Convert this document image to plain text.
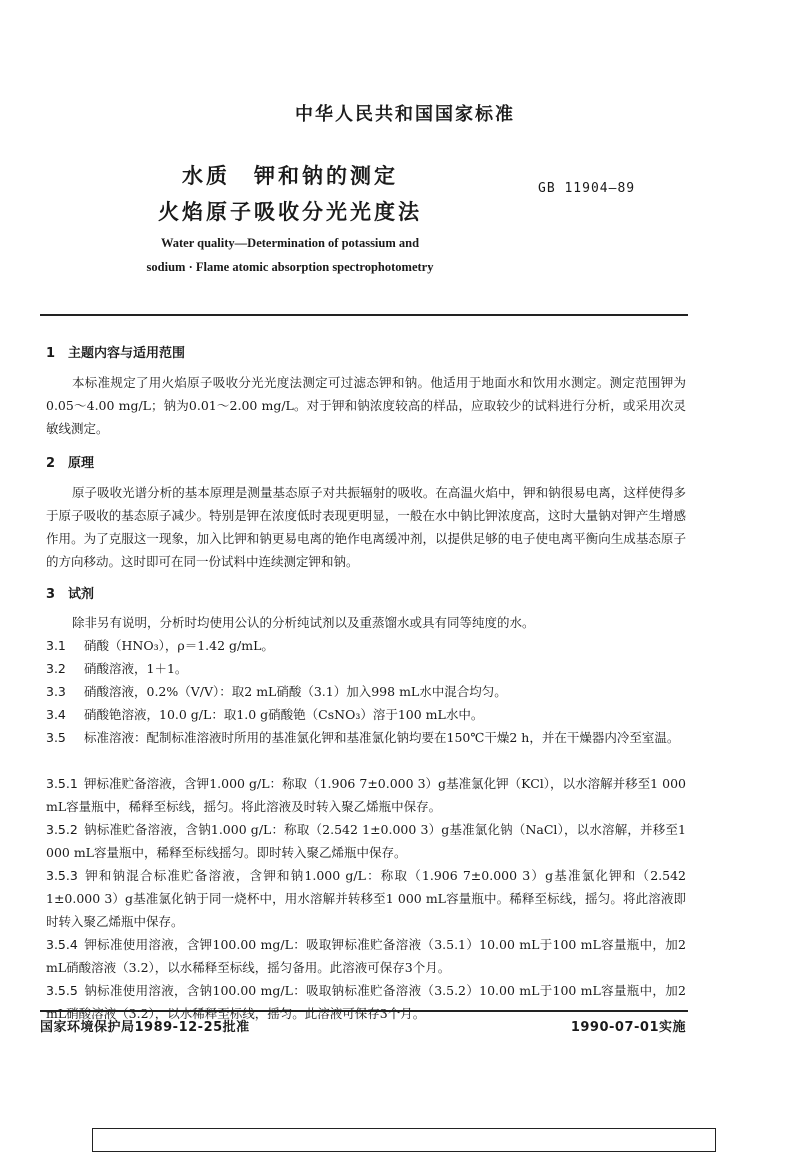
中华人民共和国国家标准
水质　钾和钠的测定
火焰原子吸收分光光度法
GB 11904—89
Water quality—Determination of potassium and
sodium · Flame atomic absorption spectrophotometry
1 主题内容与适用范围
本标准规定了用火焰原子吸收分光光度法测定可过滤态钾和钠。他适用于地面水和饮用水测定。测定范围钾为0.05～4.00 mg/L；钠为0.01～2.00 mg/L。对于钾和钠浓度较高的样品，应取较少的试料进行分析，或采用次灵敏线测定。
2 原理
原子吸收光谱分析的基本原理是测量基态原子对共振辐射的吸收。在高温火焰中，钾和钠很易电离，这样使得多于原子吸收的基态原子减少。特别是钾在浓度低时表现更明显，一般在水中钠比钾浓度高，这时大量钠对钾产生增感作用。为了克服这一现象，加入比钾和钠更易电离的铯作电离缓冲剂，以提供足够的电子使电离平衡向生成基态原子的方向移动。这时即可在同一份试料中连续测定钾和钠。
3 试剂
除非另有说明，分析时均使用公认的分析纯试剂以及重蒸馏水或具有同等纯度的水。
3.1 硝酸（HNO₃），ρ＝1.42 g/mL。
3.2 硝酸溶液，1＋1。
3.3 硝酸溶液，0.2%（V/V）：取2 mL硝酸（3.1）加入998 mL水中混合均匀。
3.4 硝酸铯溶液，10.0 g/L：取1.0 g硝酸铯（CsNO₃）溶于100 mL水中。
3.5 标准溶液：配制标准溶液时所用的基准氯化钾和基准氯化钠均要在150℃干燥2 h，并在干燥器内冷至室温。
3.5.1 钾标准贮备溶液，含钾1.000 g/L：称取（1.906 7±0.000 3）g基准氯化钾（KCl），以水溶解并移至1 000 mL容量瓶中，稀释至标线，摇匀。将此溶液及时转入聚乙烯瓶中保存。
3.5.2 钠标准贮备溶液，含钠1.000 g/L：称取（2.542 1±0.000 3）g基准氯化钠（NaCl），以水溶解，并移至1 000 mL容量瓶中，稀释至标线摇匀。即时转入聚乙烯瓶中保存。
3.5.3 钾和钠混合标准贮备溶液，含钾和钠1.000 g/L：称取（1.906 7±0.000 3）g基准氯化钾和（2.542 1±0.000 3）g基准氯化钠于同一烧杯中，用水溶解并转移至1 000 mL容量瓶中。稀释至标线，摇匀。将此溶液即时转入聚乙烯瓶中保存。
3.5.4 钾标准使用溶液，含钾100.00 mg/L：吸取钾标准贮备溶液（3.5.1）10.00 mL于100 mL容量瓶中，加2 mL硝酸溶液（3.2），以水稀释至标线，摇匀备用。此溶液可保存3个月。
3.5.5 钠标准使用溶液，含钠100.00 mg/L：吸取钠标准贮备溶液（3.5.2）10.00 mL于100 mL容量瓶中，加2 mL硝酸溶液（3.2），以水稀释至标线，摇匀。此溶液可保存3个月。
国家环境保护局1989-12-25批准	1990-07-01实施
